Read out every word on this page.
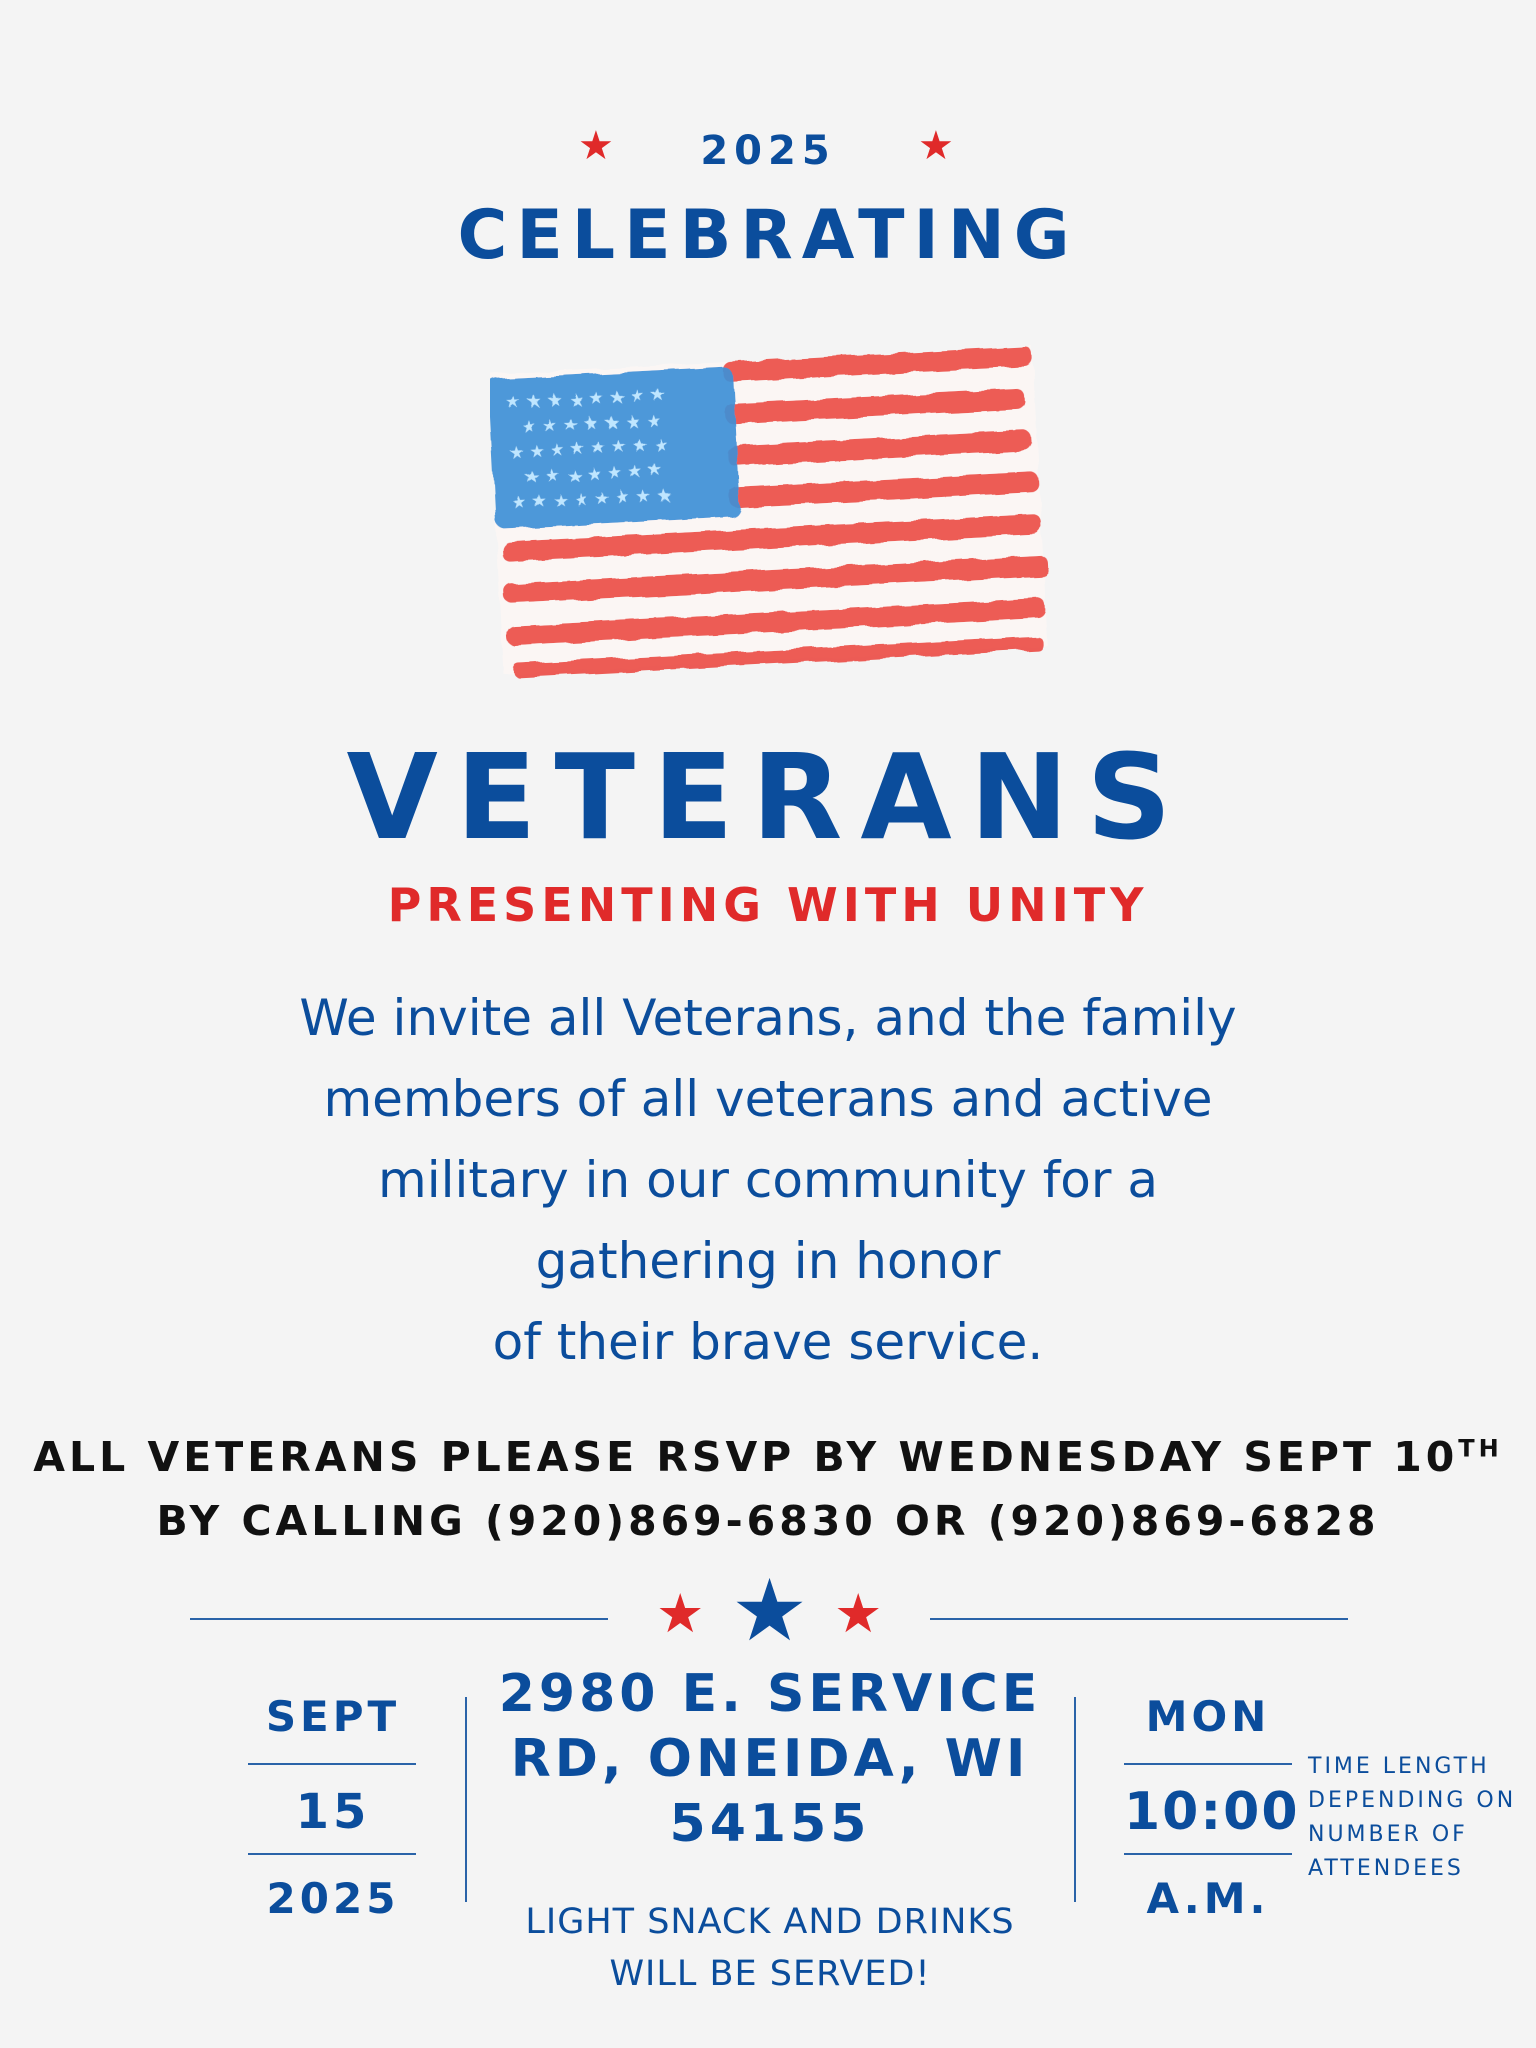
★	2025	★
CELEBRATING
★ ★ ★ ★ ★ ★ ★ ★
★ ★ ★ ★ ★ ★ ★
★ ★ ★ ★ ★ ★ ★ ★
★ ★ ★ ★ ★ ★ ★
★ ★ ★ ★ ★ ★ ★ ★
VETERANS
PRESENTING WITH UNITY
We invite all Veterans, and the family
members of all veterans and active
military in our community for a
gathering in honor
of their brave service.
ALL VETERANS PLEASE RSVP BY WEDNESDAY SEPT 10TH
BY CALLING (920)869-6830 OR (920)869-6828
★ ★ ★
SEPT
15
2025
2980 E. SERVICE
RD, ONEIDA, WI
54155
LIGHT SNACK AND DRINKS
WILL BE SERVED!
MON
10:00
A.M.
TIME LENGTH
DEPENDING ON
NUMBER OF
ATTENDEES
